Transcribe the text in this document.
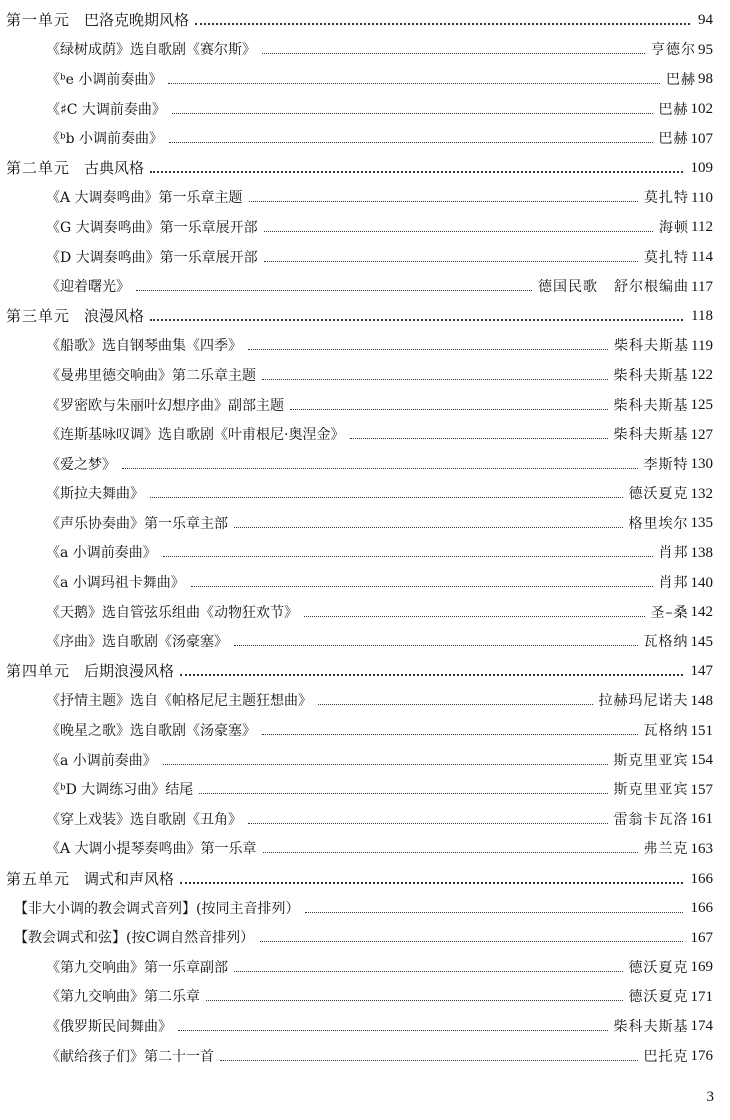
第一单元 巴洛克晚期风格	94
《绿树成荫》选自歌剧《赛尔斯》	亨德尔 95
《ᵇe 小调前奏曲》	巴赫 98
《♯C 大调前奏曲》	巴赫 102
《ᵇb 小调前奏曲》	巴赫 107
第二单元 古典风格	109
《A 大调奏鸣曲》第一乐章主题	莫扎特 110
《G 大调奏鸣曲》第一乐章展开部	海顿 112
《D 大调奏鸣曲》第一乐章展开部	莫扎特 114
《迎着曙光》	德国民歌 舒尔根编曲 117
第三单元 浪漫风格	118
《船歌》选自钢琴曲集《四季》	柴科夫斯基 119
《曼弗里德交响曲》第二乐章主题	柴科夫斯基 122
《罗密欧与朱丽叶幻想序曲》副部主题	柴科夫斯基 125
《连斯基咏叹调》选自歌剧《叶甫根尼·奥涅金》	柴科夫斯基 127
《爱之梦》	李斯特 130
《斯拉夫舞曲》	德沃夏克 132
《声乐协奏曲》第一乐章主部	格里埃尔 135
《a 小调前奏曲》	肖邦 138
《a 小调玛祖卡舞曲》	肖邦 140
《天鹅》选自管弦乐组曲《动物狂欢节》	圣–桑 142
《序曲》选自歌剧《汤豪塞》	瓦格纳 145
第四单元 后期浪漫风格	147
《抒情主题》选自《帕格尼尼主题狂想曲》	拉赫玛尼诺夫 148
《晚星之歌》选自歌剧《汤豪塞》	瓦格纳 151
《a 小调前奏曲》	斯克里亚宾 154
《ᵇD 大调练习曲》结尾	斯克里亚宾 157
《穿上戏装》选自歌剧《丑角》	雷翁卡瓦洛 161
《A 大调小提琴奏鸣曲》第一乐章	弗兰克 163
第五单元 调式和声风格	166
【非大小调的教会调式音列】(按同主音排列）	166
【教会调式和弦】(按C调自然音排列）	167
《第九交响曲》第一乐章副部	德沃夏克 169
《第九交响曲》第二乐章	德沃夏克 171
《俄罗斯民间舞曲》	柴科夫斯基 174
《献给孩子们》第二十一首	巴托克 176
3
